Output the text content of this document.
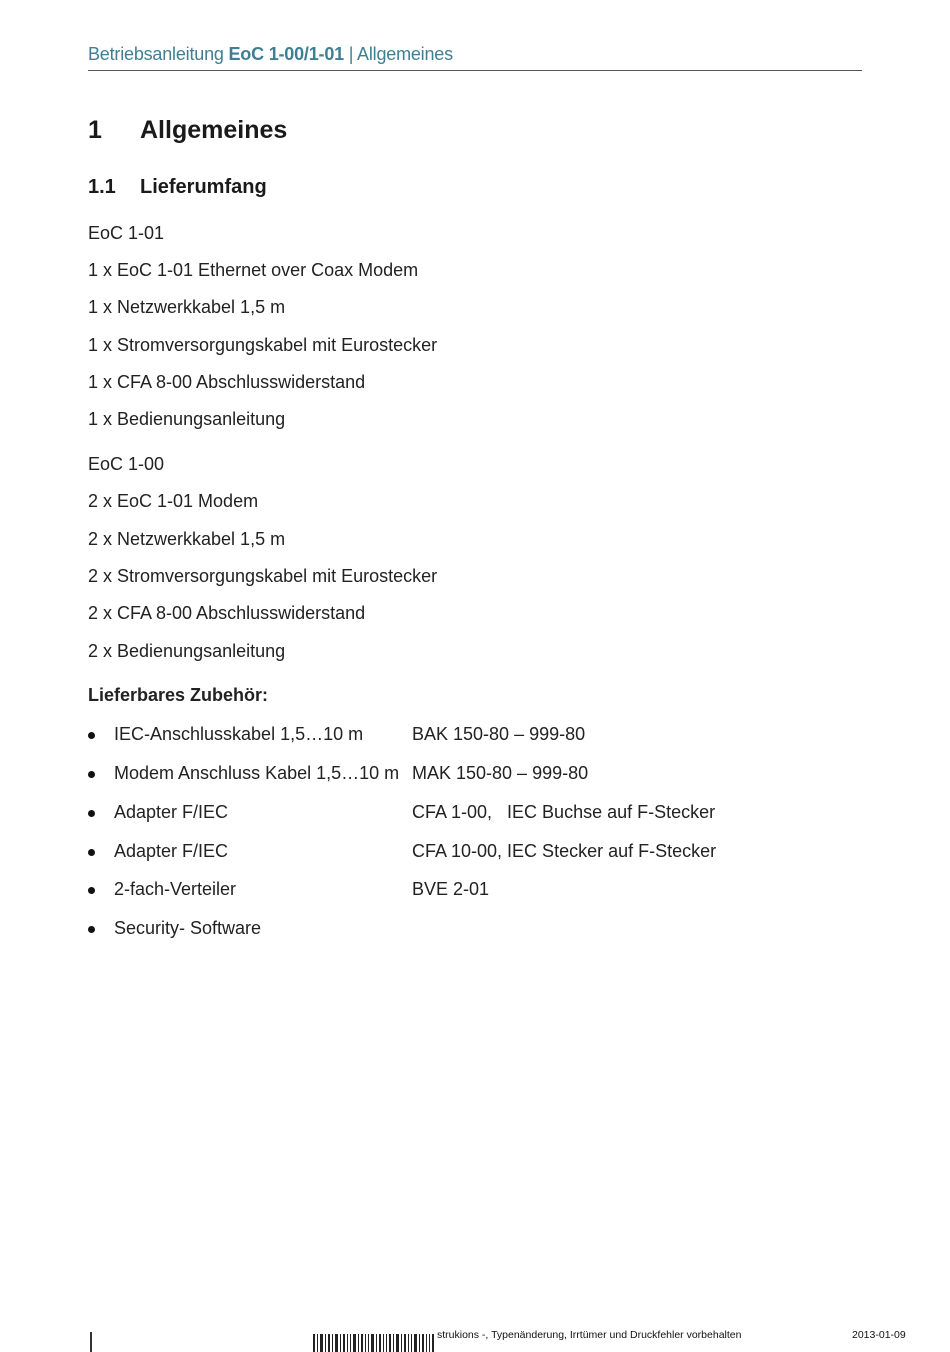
Betriebsanleitung EoC 1-00/1-01 | Allgemeines
1 Allgemeines
1.1 Lieferumfang
EoC 1-01
1 x EoC 1-01 Ethernet over Coax Modem
1 x Netzwerkkabel 1,5 m
1 x Stromversorgungskabel mit Eurostecker
1 x CFA 8-00 Abschlusswiderstand
1 x Bedienungsanleitung
EoC 1-00
2 x EoC 1-01 Modem
2 x Netzwerkkabel 1,5 m
2 x Stromversorgungskabel mit Eurostecker
2 x CFA 8-00 Abschlusswiderstand
2 x Bedienungsanleitung
Lieferbares Zubehör:
IEC-Anschlusskabel 1,5…10 m	BAK 150-80 – 999-80
Modem Anschluss Kabel 1,5…10 m MAK 150-80 – 999-80
Adapter F/IEC	CFA 1-00,   IEC Buchse auf F-Stecker
Adapter F/IEC	CFA 10-00, IEC Stecker auf F-Stecker
2-fach-Verteiler	BVE 2-01
Security- Software
strukions -, Typenänderung, Irrtümer und Druckfehler vorbehalten	2013-01-09
